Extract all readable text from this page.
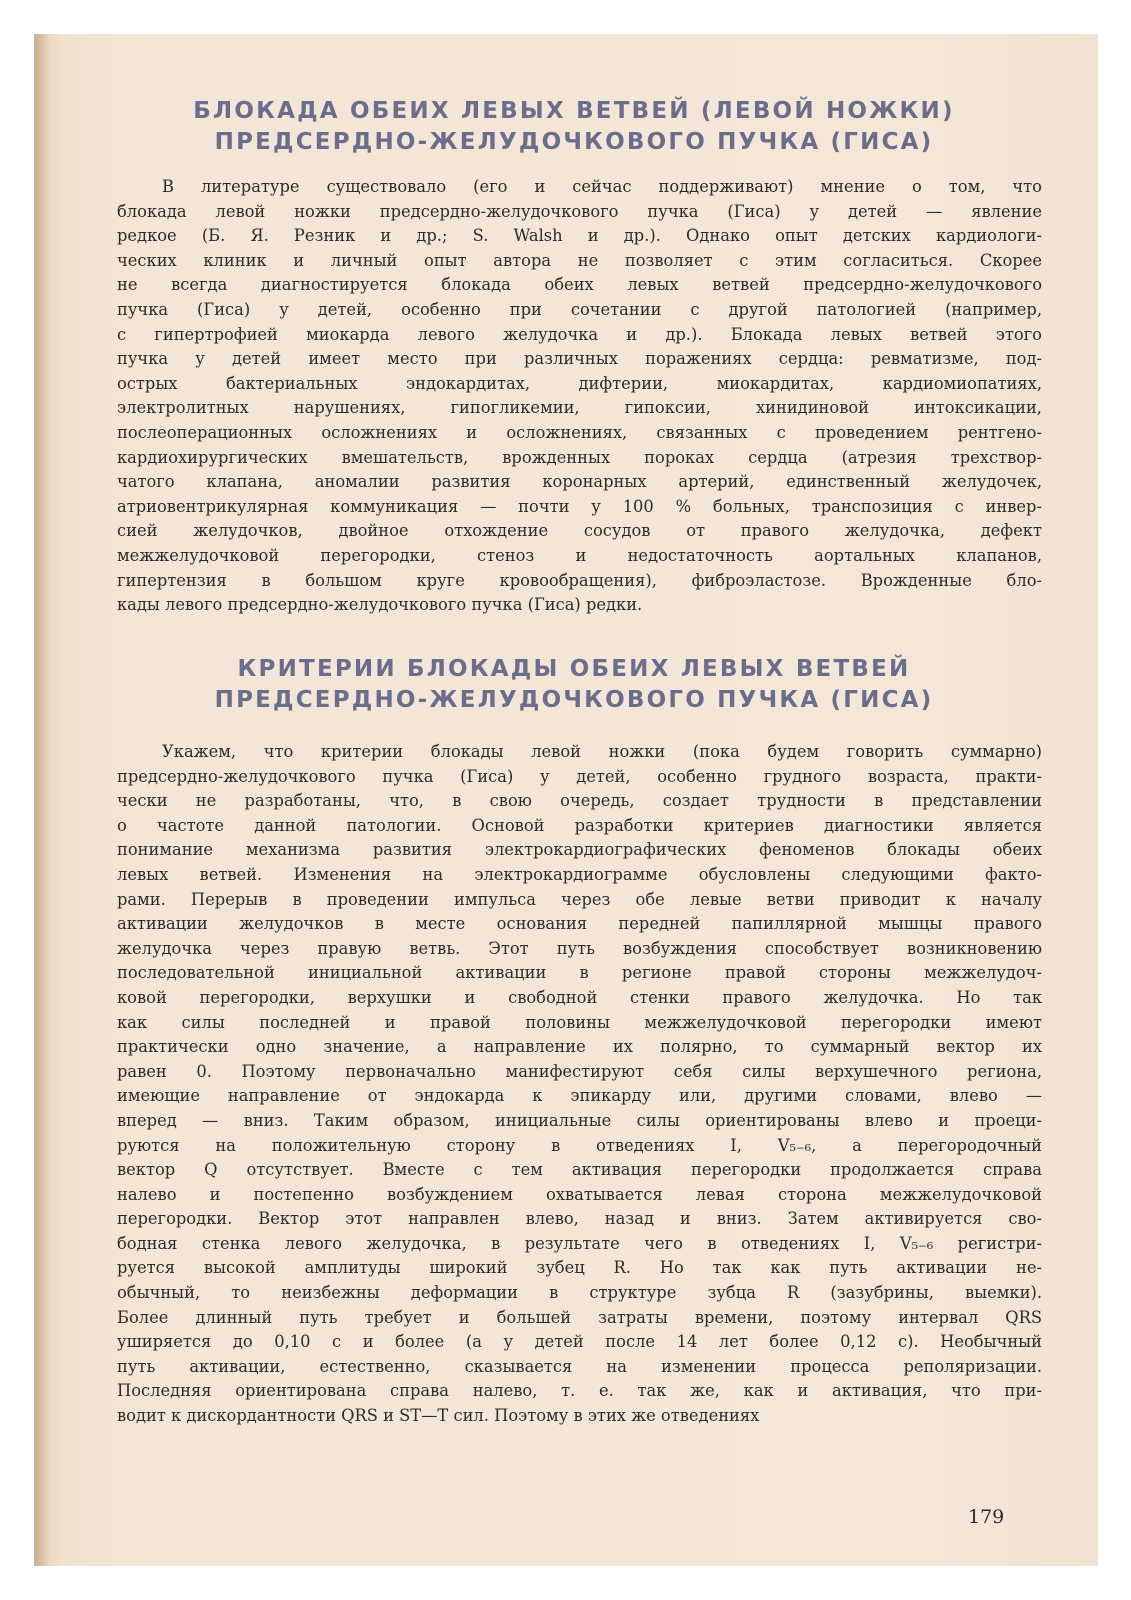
БЛОКАДА ОБЕИХ ЛЕВЫХ ВЕТВЕЙ (ЛЕВОЙ НОЖКИ)
ПРЕДСЕРДНО-ЖЕЛУДОЧКОВОГО ПУЧКА (ГИСА)

В литературе существовало (его и сейчас поддерживают) мнение о том, что
блокада левой ножки предсердно-желудочкового пучка (Гиса) у детей — явление
редкое (Б. Я. Резник и др.; S. Walsh и др.). Однако опыт детских кардиологи-
ческих клиник и личный опыт автора не позволяет с этим согласиться. Скорее
не всегда диагностируется блокада обеих левых ветвей предсердно-желудочкового
пучка (Гиса) у детей, особенно при сочетании с другой патологией (например,
с гипертрофией миокарда левого желудочка и др.). Блокада левых ветвей этого
пучка у детей имеет место при различных поражениях сердца: ревматизме, под-
острых бактериальных эндокардитах, дифтерии, миокардитах, кардиомиопатиях,
электролитных нарушениях, гипогликемии, гипоксии, хинидиновой интоксикации,
послеоперационных осложнениях и осложнениях, связанных с проведением рентгено-
кардиохирургических вмешательств, врожденных пороках сердца (атрезия трехствор-
чатого клапана, аномалии развития коронарных артерий, единственный желудочек,
атриовентрикулярная коммуникация — почти у 100 % больных, транспозиция с инвер-
сией желудочков, двойное отхождение сосудов от правого желудочка, дефект
межжелудочковой перегородки, стеноз и недостаточность аортальных клапанов,
гипертензия в большом круге кровообращения), фиброэластозе. Врожденные бло-
кады левого предсердно-желудочкового пучка (Гиса) редки.

КРИТЕРИИ БЛОКАДЫ ОБЕИХ ЛЕВЫХ ВЕТВЕЙ
ПРЕДСЕРДНО-ЖЕЛУДОЧКОВОГО ПУЧКА (ГИСА)

Укажем, что критерии блокады левой ножки (пока будем говорить суммарно)
предсердно-желудочкового пучка (Гиса) у детей, особенно грудного возраста, практи-
чески не разработаны, что, в свою очередь, создает трудности в представлении
о частоте данной патологии. Основой разработки критериев диагностики является
понимание механизма развития электрокардиографических феноменов блокады обеих
левых ветвей. Изменения на электрокардиограмме обусловлены следующими факто-
рами. Перерыв в проведении импульса через обе левые ветви приводит к началу
активации желудочков в месте основания передней папиллярной мышцы правого
желудочка через правую ветвь. Этот путь возбуждения способствует возникновению
последовательной инициальной активации в регионе правой стороны межжелудоч-
ковой перегородки, верхушки и свободной стенки правого желудочка. Но так
как силы последней и правой половины межжелудочковой перегородки имеют
практически одно значение, а направление их полярно, то суммарный вектор их
равен 0. Поэтому первоначально манифестируют себя силы верхушечного региона,
имеющие направление от эндокарда к эпикарду или, другими словами, влево —
вперед — вниз. Таким образом, инициальные силы ориентированы влево и проеци-
руются на положительную сторону в отведениях I, V₅₋₆, а перегородочный
вектор Q отсутствует. Вместе с тем активация перегородки продолжается справа
налево и постепенно возбуждением охватывается левая сторона межжелудочковой
перегородки. Вектор этот направлен влево, назад и вниз. Затем активируется сво-
бодная стенка левого желудочка, в результате чего в отведениях I, V₅₋₆ регистри-
руется высокой амплитуды широкий зубец R. Но так как путь активации не-
обычный, то неизбежны деформации в структуре зубца R (зазубрины, выемки).
Более длинный путь требует и большей затраты времени, поэтому интервал QRS
уширяется до 0,10 с и более (а у детей после 14 лет более 0,12 с). Необычный
путь активации, естественно, сказывается на изменении процесса реполяризации.
Последняя ориентирована справа налево, т. е. так же, как и активация, что при-
водит к дискордантности QRS и ST—T сил. Поэтому в этих же отведениях

179
